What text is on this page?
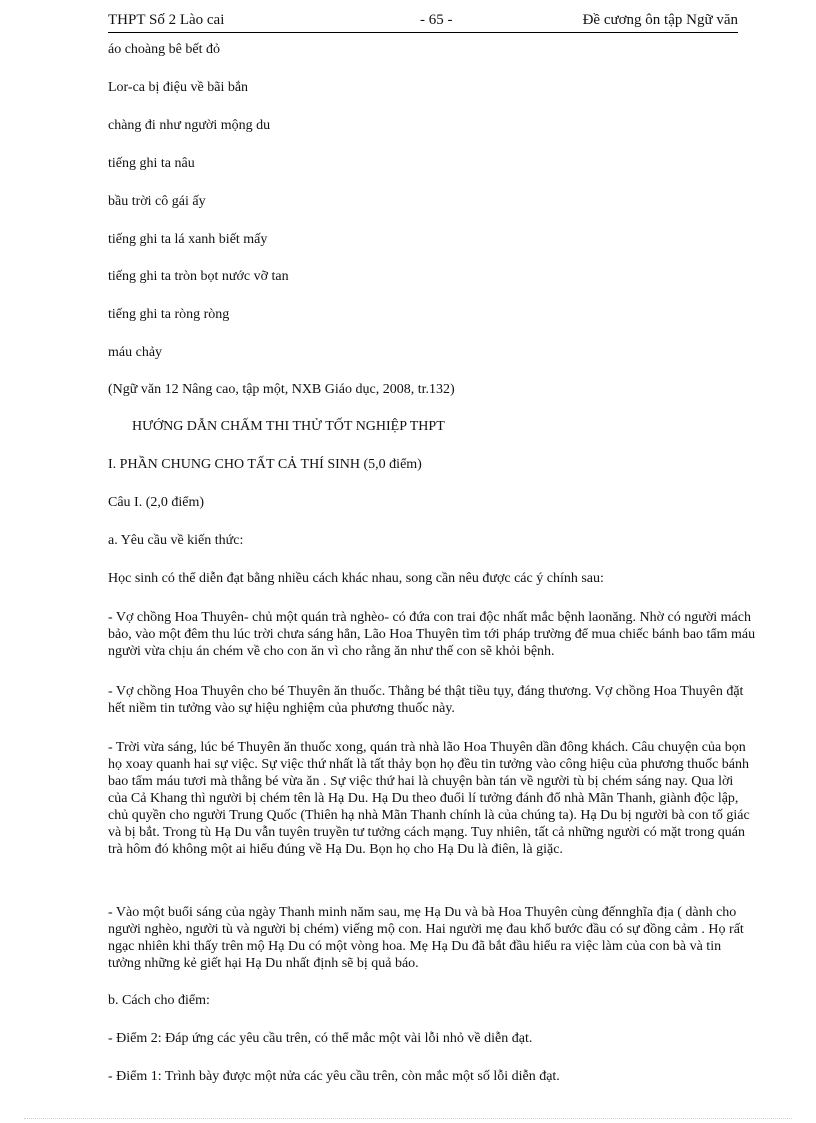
THPT Số 2 Lào cai	- 65 -	Đề cương ôn tập Ngữ văn
áo choàng bê bết đỏ
Lor-ca bị điệu về bãi bắn
chàng đi như người mộng du
tiếng ghi ta nâu
bầu trời cô gái ấy
tiếng ghi ta lá xanh biết mấy
tiếng ghi ta tròn bọt nước vỡ tan
tiếng ghi ta ròng ròng
máu chảy
(Ngữ văn 12 Nâng cao, tập một, NXB Giáo dục, 2008, tr.132)
HƯỚNG DẪN CHẤM THI THỬ TỐT NGHIỆP THPT
I. PHẦN CHUNG CHO TẤT CẢ THÍ SINH (5,0 điểm)
Câu I. (2,0 điểm)
a. Yêu cầu về kiến thức:
Học sinh có thể diễn đạt bằng nhiều cách khác nhau, song cần nêu được các ý chính sau:
- Vợ chồng Hoa Thuyên- chủ một quán trà nghèo- có đứa con trai độc nhất mắc bệnh laonăng. Nhờ có người mách bảo, vào một đêm thu lúc trời chưa sáng hẳn, Lão Hoa Thuyên tìm tới pháp trường để mua chiếc bánh bao tẩm máu người vừa chịu án chém về cho con ăn vì cho rằng ăn như thế con sẽ khỏi bệnh.
- Vợ chồng Hoa Thuyên cho bé Thuyên ăn thuốc. Thằng bé thật tiều tụy, đáng thương. Vợ chồng Hoa Thuyên đặt hết niềm tin tưởng vào sự hiệu nghiệm của phương thuốc này.
- Trời vừa sáng, lúc bé Thuyên ăn thuốc xong, quán trà nhà lão Hoa Thuyên dần đông khách. Câu chuyện của bọn họ xoay quanh hai sự việc. Sự việc thứ nhất là tất thảy bọn họ đều tin tưởng vào công hiệu của phương thuốc bánh bao tẩm máu tươi mà thằng bé vừa ăn . Sự việc thứ hai là chuyện bàn tán về người tù bị chém sáng nay. Qua lời của Cả Khang thì người bị chém tên là Hạ Du. Hạ Du theo đuổi lí tưởng đánh đổ nhà Mãn Thanh, giành độc lập, chủ quyền cho người Trung Quốc (Thiên hạ nhà Mãn Thanh chính là của chúng ta). Hạ Du bị người bà con tố giác và bị bắt. Trong tù Hạ Du vẫn tuyên truyền tư tưởng cách mạng. Tuy nhiên, tất cả những người có mặt trong quán trà hôm đó không một ai hiểu đúng về Hạ Du. Bọn họ cho Hạ Du là điên, là giặc.
- Vào một buổi sáng của ngày Thanh minh năm sau, mẹ Hạ Du và bà Hoa Thuyên cùng đếnnghĩa địa ( dành cho người nghèo, người tù và người bị chém) viếng mộ con. Hai người mẹ đau khổ bước đầu có sự đồng cảm . Họ rất ngạc nhiên khi thấy trên mộ Hạ Du có một vòng hoa. Mẹ Hạ Du đã bắt đầu hiểu ra việc làm của con bà và tin tưởng những kẻ giết hại Hạ Du nhất định sẽ bị quả báo.
b. Cách cho điểm:
- Điểm 2: Đáp ứng các yêu cầu trên, có thể mắc một vài lỗi nhỏ về diễn đạt.
- Điểm 1: Trình bày được một nửa các yêu cầu trên, còn mắc một số lỗi diễn đạt.
